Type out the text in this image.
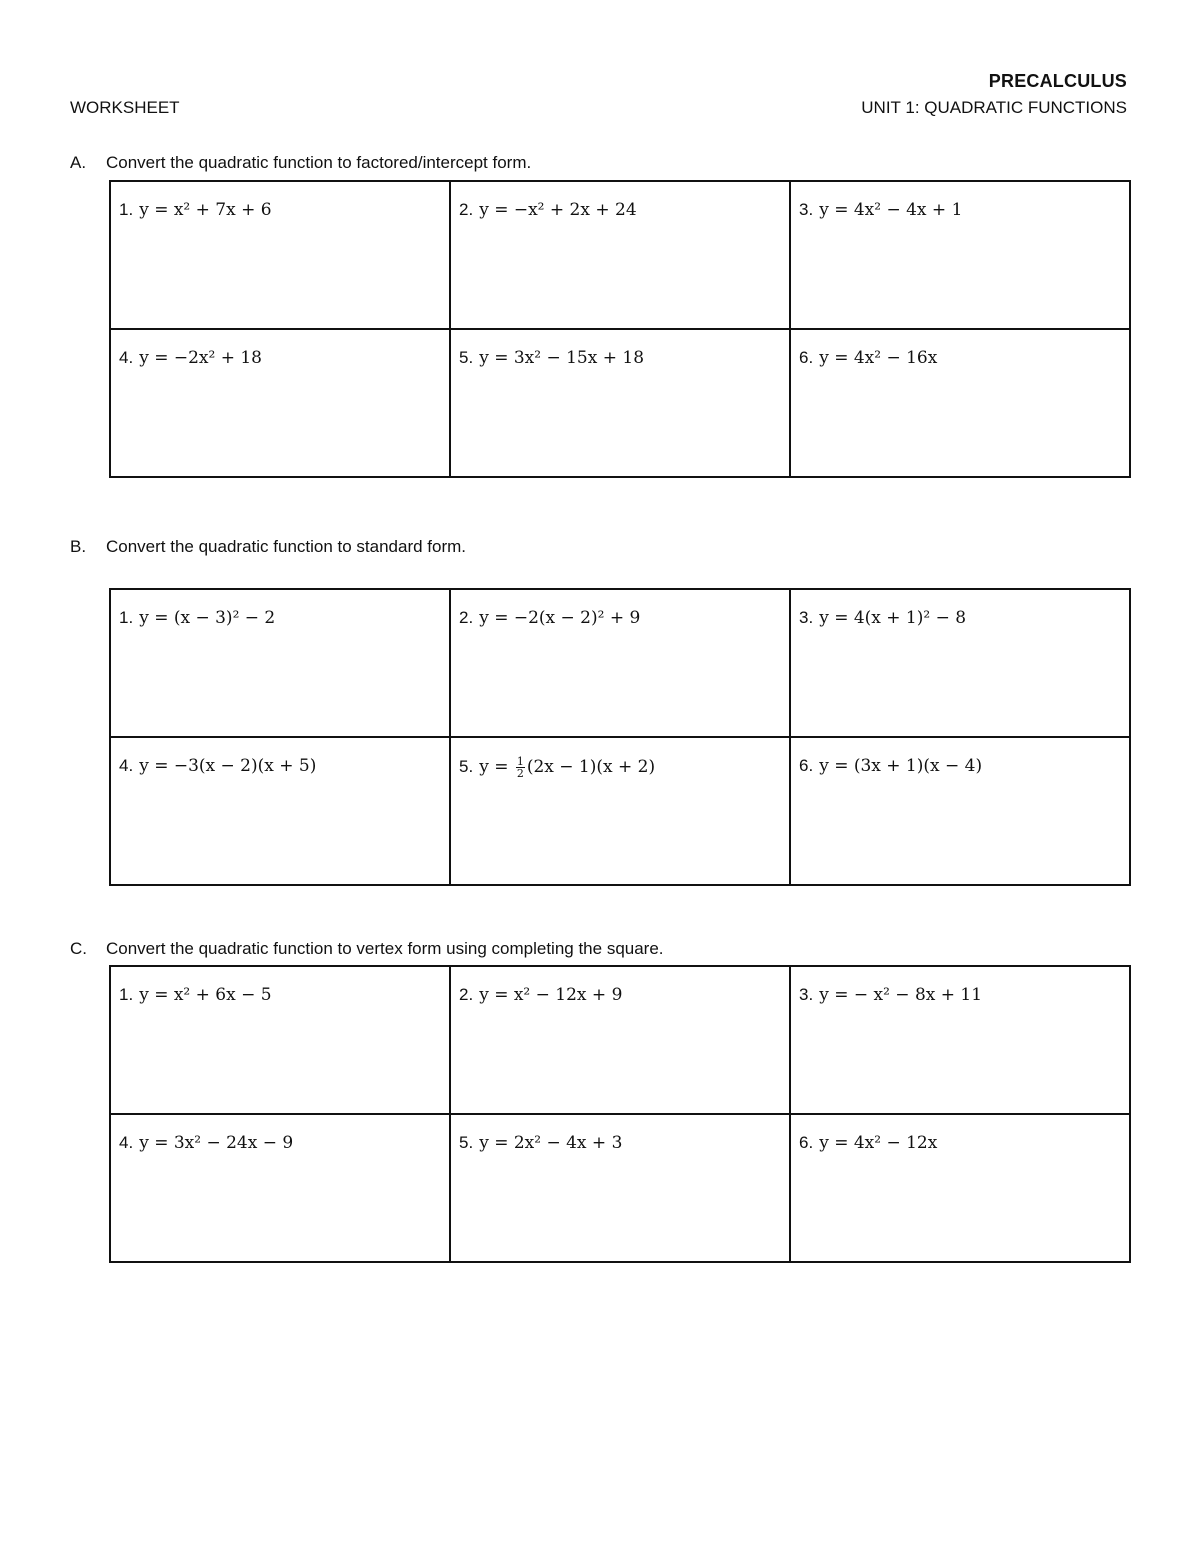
PRECALCULUS
WORKSHEET	UNIT 1: QUADRATIC FUNCTIONS
A.	Convert the quadratic function to factored/intercept form.
1. y = x² + 7x + 6	2. y = −x² + 2x + 24	3. y = 4x² − 4x + 1
4. y = −2x² + 18	5. y = 3x² − 15x + 18	6. y = 4x² − 16x
B.	Convert the quadratic function to standard form.
1. y = (x − 3)² − 2	2. y = −2(x − 2)² + 9	3. y = 4(x + 1)² − 8
4. y = −3(x − 2)(x + 5)	5. $y = \frac{1}{2} (2x - 1)(x + 2)$	6. y = (3x + 1)(x − 4)
C.	Convert the quadratic function to vertex form using completing the square.
1. y = x² + 6x − 5	2. y = x² − 12x + 9	3. y = − x² − 8x + 11
4. y = 3x² − 24x − 9	5. y = 2x² − 4x + 3	6. y = 4x² − 12x
